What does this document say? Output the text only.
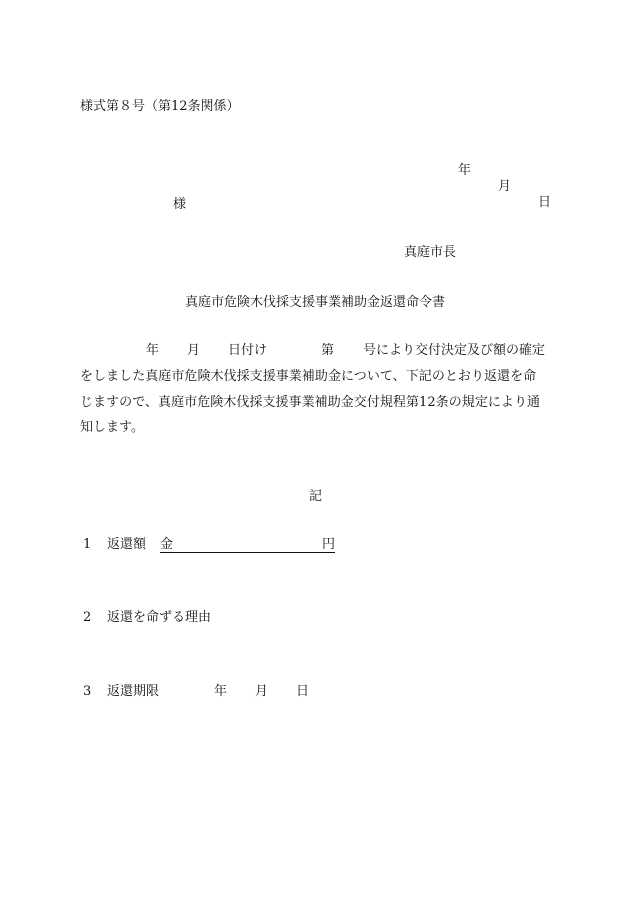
様式第８号（第12条関係）

年

月

日

様
真庭市長
真庭市危険木伐採支援事業補助金返還命令書

年

月

日付け

	第

号により交付決定及び額の確定

をしました真庭市危険木伐採支援事業補助金について、下記のとおり返還を命
じますので、真庭市危険木伐採支援事業補助金交付規程第12条の規定により通
知します。
記

1

返還額

金

	円

2

返還を命ずる理由

3

返還期限

	年

月

日
